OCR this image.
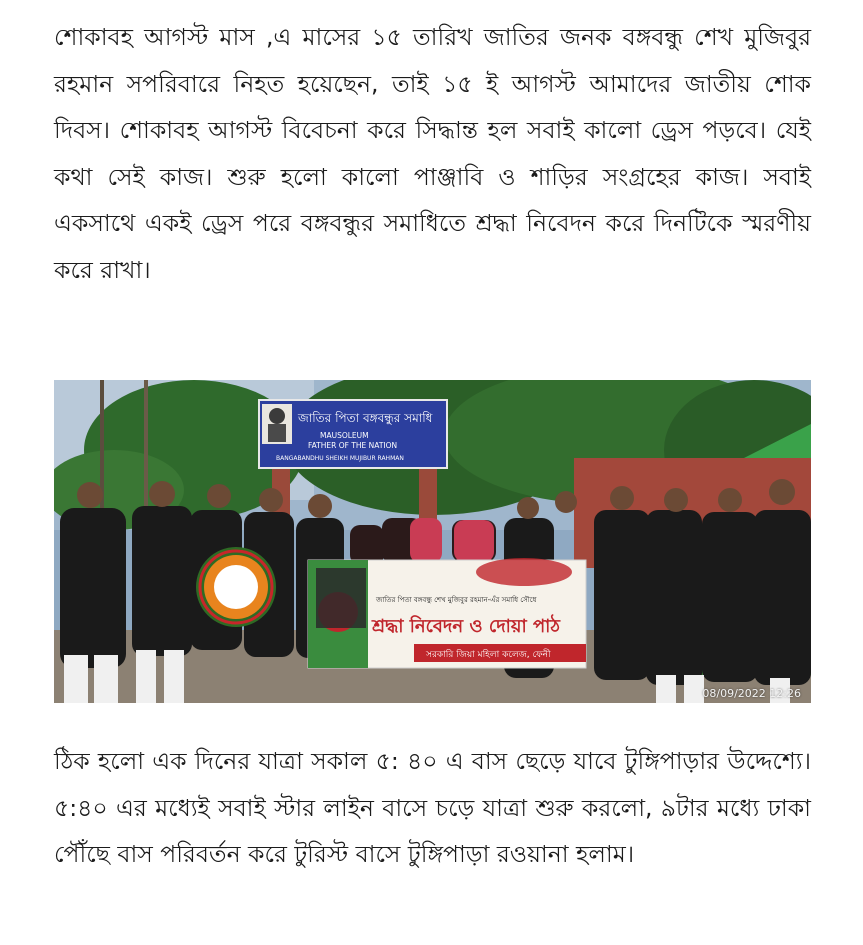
শোকাবহ আগস্ট মাস ,এ মাসের ১৫ তারিখ জাতির জনক বঙ্গবন্ধু শেখ মুজিবুর রহমান সপরিবারে নিহত হয়েছেন, তাই ১৫ ই আগস্ট আমাদের জাতীয় শোক দিবস। শোকাবহ আগস্ট বিবেচনা করে সিদ্ধান্ত হল সবাই কালো ড্রেস পড়বে। যেই কথা সেই কাজ। শুরু হলো কালো পাঞ্জাবি ও শাড়ির সংগ্রহের কাজ। সবাই একসাথে একই ড্রেস পরে বঙ্গবন্ধুর সমাধিতে শ্রদ্ধা নিবেদন করে দিনটিকে স্মরণীয় করে রাখা।

জাতির পিতা বঙ্গবন্ধুর সমাধি
MAUSOLEUM
FATHER OF THE NATION
BANGABANDHU SHEIKH MUJIBUR RAHMAN
জাতির পিতা বঙ্গবন্ধু শেখ মুজিবুর রহমান-এঁর সমাধি সৌধে
শ্রদ্ধা নিবেদন ও দোয়া পাঠ
সরকারি জিয়া মহিলা কলেজ, ফেনী
08/09/2022 12:26

ঠিক হলো এক দিনের যাত্রা সকাল ৫: ৪০ এ বাস ছেড়ে যাবে টুঙ্গিপাড়ার উদ্দেশ্যে। ৫:৪০ এর মধ্যেই সবাই স্টার লাইন বাসে চড়ে যাত্রা শুরু করলো, ৯টার মধ্যে ঢাকা পৌঁছে বাস পরিবর্তন করে টুরিস্ট বাসে টুঙ্গিপাড়া রওয়ানা হলাম।
